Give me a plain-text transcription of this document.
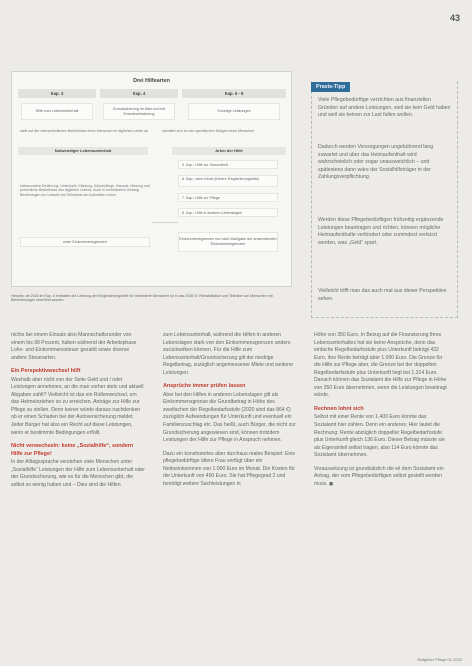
43
Drei Hilfearten
Kap. 3	Kap. 4	Kap. 5 - 9
Hilfe zum Lebensunterhalt
Grundsicherung im Alter und bei Erwerbsminderung
Sonstige Leistungen
stellt auf die unterschiedlichen Bedürfnisse eines Menschen im täglichen Leben ab	orientiert sich an den spezifischen Nötigen eines Menschen
Notwendiger Lebensunterhalt	Arten der Hilfe
insbesondere Ernährung, Unterkunft, Kleidung, Körperpflege, Hausrat, Heizung und persönliche Bedürfnisse des täglichen Lebens. Auch in vertretbarem Umfang Beziehungen zur Umwelt und Teilnahme am kulturellen Leben
5. Kap.: Hilfe zur Gesundheit
6. Kap.: ohne Inhalt (frühere Eingliederungshilfe)
7. Kap.: Hilfe zur Pflege
8. Kap.: Hilfe in anderen Lebenslagen
unter Einkommensgrenzen
Einkommensgrenzen nur nach Maßgabe der anwendenden Einkommensgrenzen
Hinweis: ab 2020 im Kap. 6 enthalten die Leistung der Eingliederungshilfe für behinderte Menschen ist in das SGB IX: Rehabilitation und Teilhabe von Menschen mit Behinderungen überführt worden.
Praxis-Tipp
Viele Pflegebedürftige verzichten aus finanziellen Gründen auf andere Leistungen, weil sie kein Geld haben und weil sie keinen zur Last fallen wollen.
Dadurch werden Versorgungen ungebührend lang zuwartet und aber das Heimaufenthalt wird wahrscheinlich oder sogar unausweichlich – und spätestens dann wäre der Sozialhilfeträger in der Zahlungsverpflichtung.
Werden diese Pflegebedürftigen frühzeitig ergänzende Leistungen beantragen und richten, können mögliche Heimaufenthalte verhindert oder zumindest verkürzt werden, was „Geld“ spart.
Vielleicht trifft man das auch mal aus dieser Perspektive sehen.

nichts bei einem Einsatz also Mannschaftsrunder von einem bis 99 Prozent, haben während der Arbeitsphase Lohn- und Einkommenssteuer gezahlt sowie diverse andere Steuerarten.

Ein Perspektivwechsel hilft

Weshalb aber nicht von der Seite Geld und / oder Leistungen annehmen, an die man vorher stets und aktuell Abgaben zahlt? Vielleicht ist das ein Rollenwechsel, um das Heimeinziehen so zu erreichen. Anträge zur Hilfe zur Pflege zu stellen. Denn keiner würde daraus nachdenken ob er einen Schaden bei der Autoversicherung meldet. Jeder Bürger hat also ein Recht auf diese Leistungen, wenn er bestimmte Bedingungen erfüllt.

Nicht verwechseln: keine „Sozialhilfe“, sondern Hilfe zur Pflege!

In der Alltagssprache verstehen viele Menschen unter „Sozialhilfe“ Leistungen der Hilfe zum Lebensunterhalt oder der Grundsicherung, wie es für die Menschen gibt, die selbst so wenig haben und – Dies sind die Hilfen

zum Lebensunterhalt, während die Hilfen in anderen Lebenslagen stark von den Einkommensgrenzen anders zurückwirken können. Für die Hilfe zum Lebensunterhalt/Grundsicherung gilt der niedrige Regelbetrag, zuzüglich angemessener Miete und weiterer Leistungen.

Ansprüche immer prüfen lassen

Aber bei den Hilfen in anderen Lebenslagen gilt als Einkommensgrenze die Grundbetrag in Höhe des zweifachen der Regelbedarfsstufe (2020 sind das 864 €) zuzüglich Aufwendungen für Unterkunft und eventuell ein Familienzuschlag etc. Das heißt, auch Bürger, die nicht zur Grundsicherung angewiesen sind, können trotzdem Leistungen der Hilfe zur Pflege in Anspruch nehmen.

Dazu ein konstruiertes aber durchaus reales Beispiel: Eine pflegebedürftige ältere Frau verfügt über ein Nettoeinkommen von 1.000 Euro im Monat. Die Kosten für die Unterkunft von 450 Euro. Sie hat Pflegegrad 2 und benötigt weitere Sachleistungen in

Höhe von 350 Euro. In Bezug auf die Finanzierung Ihres Lebensunterhaltes hat sie keine Ansprüche, denn das einfache Regelbedarfsstufe plus Unterkunft beträgt 432 Euro, ihre Rente beträgt aber 1.000 Euro. Die Grenze für die Hilfe zur Pflege aber, die Grenze bei der doppelten Regelbedarfsstufe plus Unterkunft liegt bei 1.314 Euro. Danach können das Sozialamt die Hilfe zur Pflege in Höhe von 350 Euro übernehmen, wenn die Leistungen beantragt würde.

Rechnen lohnt sich

Selbst mit einer Rente von 1.400 Euro könnte das Sozialamt hier zahlen. Denn ein anderes: Hier lautet die Rechnung: Rente abzüglich doppelter Regelbedarfsstufe plus Unterkunft gleich 136 Euro. Dieser Betrag müsste sie als Eigenanteil selbst tragen, also 114 Euro könnte das Sozialamt übernehmen.

Voraussetzung ist grundsätzlich die eil dem Sozialamt ein Antrag, der vom Pflegebedürftigen selbst gestellt werden muss. ◼

Ratgeber Pflege 01 2020
